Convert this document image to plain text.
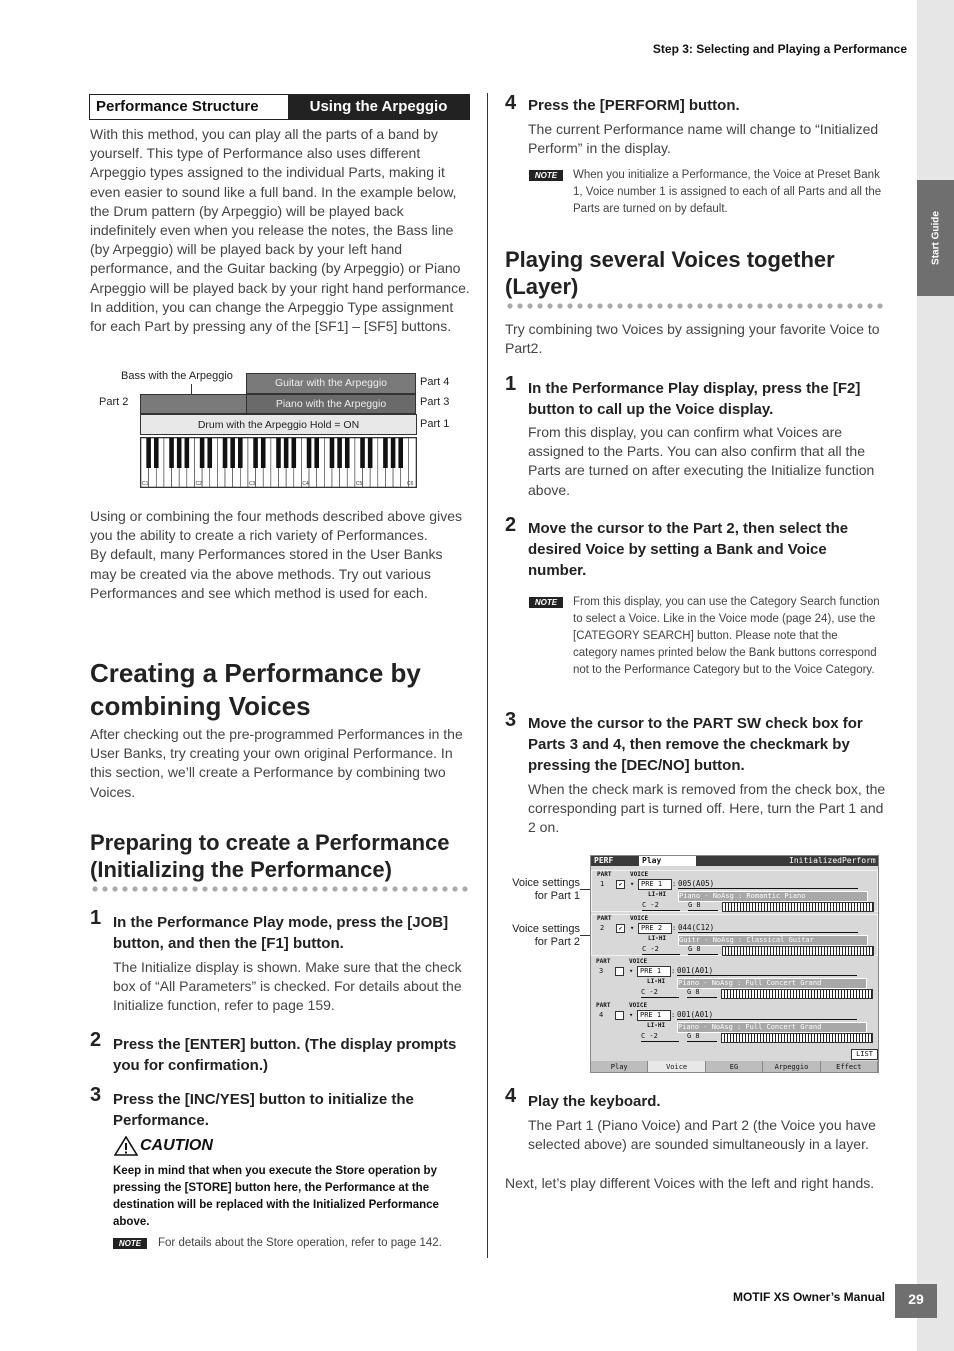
Start Guide
Step 3: Selecting and Playing a Performance
Performance Structure	Using the Arpeggio
With this method, you can play all the parts of a band by yourself. This type of Performance also uses different Arpeggio types assigned to the individual Parts, making it even easier to sound like a full band. In the example below, the Drum pattern (by Arpeggio) will be played back indefinitely even when you release the notes, the Bass line (by Arpeggio) will be played back by your left hand performance, and the Guitar backing (by Arpeggio) or Piano Arpeggio will be played back by your right hand performance.
In addition, you can change the Arpeggio Type assignment for each Part by pressing any of the [SF1] – [SF5] buttons.
Bass with the Arpeggio
Part 2
Guitar with the Arpeggio
Piano with the Arpeggio
Drum with the Arpeggio Hold = ON
Part 4
Part 3
Part 1
C1	C2	C3	C4	C5	C6
Using or combining the four methods described above gives you the ability to create a rich variety of Performances.
By default, many Performances stored in the User Banks may be created via the above methods. Try out various Performances and see which method is used for each.
Creating a Performance by combining Voices
After checking out the pre-programmed Performances in the User Banks, try creating your own original Performance. In this section, we’ll create a Performance by combining two Voices.
Preparing to create a Performance (Initializing the Performance)
1 In the Performance Play mode, press the [JOB] button, and then the [F1] button.
The Initialize display is shown. Make sure that the check box of “All Parameters” is checked. For details about the Initialize function, refer to page 159.
2 Press the [ENTER] button. (The display prompts you for confirmation.)
3 Press the [INC/YES] button to initialize the Performance.
CAUTION
Keep in mind that when you execute the Store operation by pressing the [STORE] button here, the Performance at the destination will be replaced with the Initialized Performance above.
NOTE	For details about the Store operation, refer to page 142.
4 Press the [PERFORM] button.
The current Performance name will change to “Initialized Perform” in the display.
NOTE	When you initialize a Performance, the Voice at Preset Bank 1, Voice number 1 is assigned to each of all Parts and all the Parts are turned on by default.
Playing several Voices together (Layer)
Try combining two Voices by assigning your favorite Voice to Part2.
1 In the Performance Play display, press the [F2] button to call up the Voice display.
From this display, you can confirm what Voices are assigned to the Parts. You can also confirm that all the Parts are turned on after executing the Initialize function above.
2 Move the cursor to the Part 2, then select the desired Voice by setting a Bank and Voice number.
NOTE	From this display, you can use the Category Search function to select a Voice. Like in the Voice mode (page 24), use the [CATEGORY SEARCH] button. Please note that the category names printed below the Bank buttons correspond not to the Performance Category but to the Voice Category.
3 Move the cursor to the PART SW check box for Parts 3 and 4, then remove the checkmark by pressing the [DEC/NO] button.
When the check mark is removed from the check box, the corresponding part is turned off. Here, turn the Part 1 and 2 on.
Voice settings for Part 1
Voice settings for Part 2
PERF	Play	InitializedPerform
PART	VOICE
1	✔	▾ PRE 1	: 005(A05)
Piano - NoAsg : Romantic Piano
LI-HI
C -2	G 8
PART	VOICE
2	✔	▾ PRE 2	: 044(C12)
Guitr - NoAsg : Classical Guitar
LI-HI
C -2	G 8
PART	VOICE
3	▾ PRE 1	: 001(A01)
Piano - NoAsg : Full Concert Grand
LI-HI
C -2	G 8
PART	VOICE
4	▾ PRE 1	: 001(A01)
Piano - NoAsg : Full Concert Grand
LI-HI
C -2	G 8
LIST
Play	Voice	EG	Arpeggio	Effect
4 Play the keyboard.
The Part 1 (Piano Voice) and Part 2 (the Voice you have selected above) are sounded simultaneously in a layer.
Next, let’s play different Voices with the left and right hands.
MOTIF XS Owner’s Manual	29
